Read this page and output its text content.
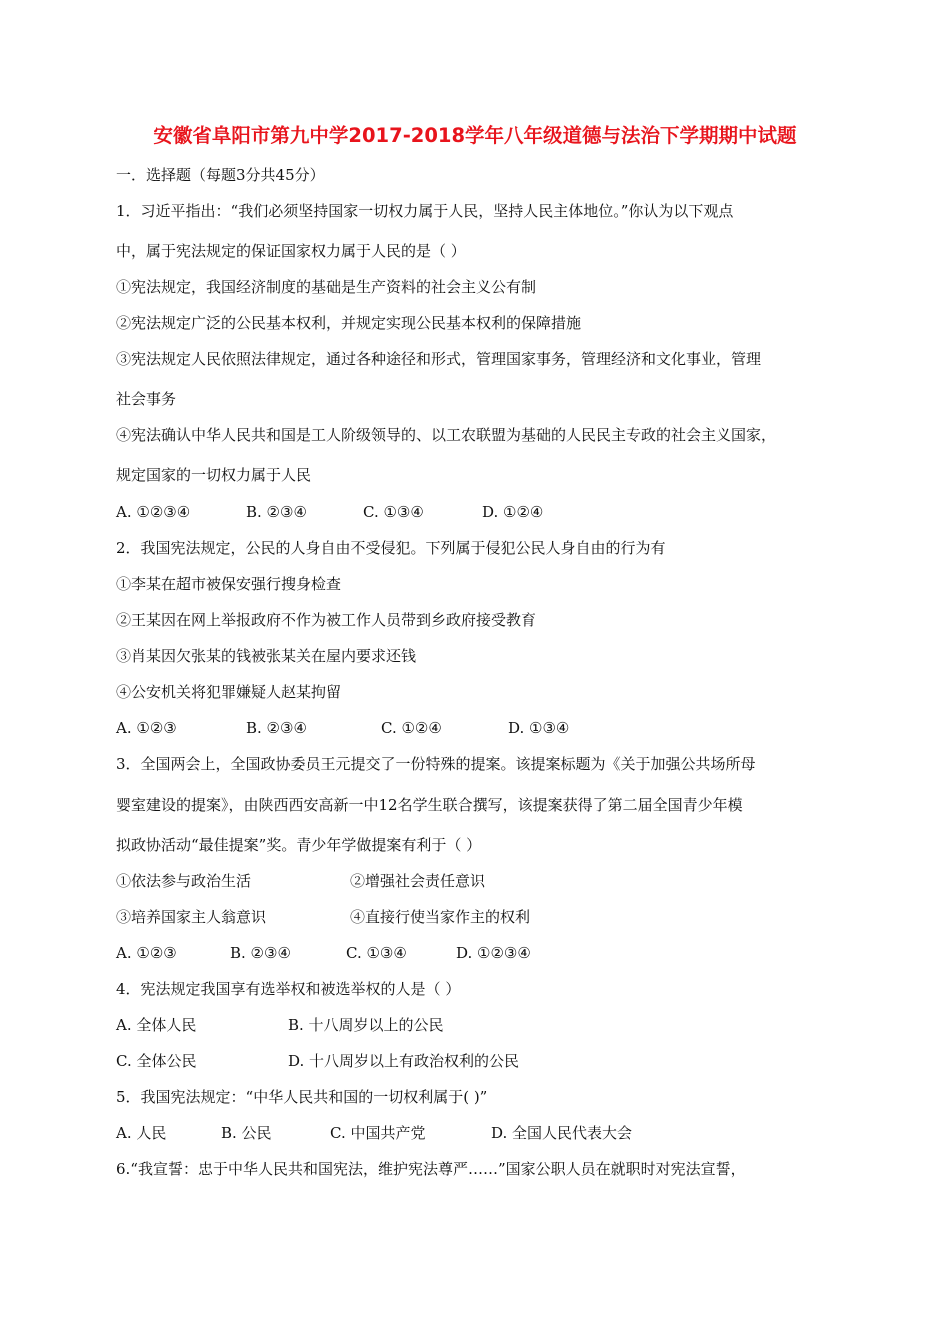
安徽省阜阳市第九中学2017-2018学年八年级道德与法治下学期期中试题
一．选择题（每题3分共45分）
1．习近平指出：“我们必须坚持国家一切权力属于人民，坚持人民主体地位。”你认为以下观点
中，属于宪法规定的保证国家权力属于人民的是（ ）
①宪法规定，我国经济制度的基础是生产资料的社会主义公有制
②宪法规定广泛的公民基本权利，并规定实现公民基本权利的保障措施
③宪法规定人民依照法律规定，通过各种途径和形式，管理国家事务，管理经济和文化事业，管理
社会事务
④宪法确认中华人民共和国是工人阶级领导的、以工农联盟为基础的人民民主专政的社会主义国家，
规定国家的一切权力属于人民
A. ①②③④	B. ②③④	C. ①③④	D. ①②④
2．我国宪法规定，公民的人身自由不受侵犯。下列属于侵犯公民人身自由的行为有
①李某在超市被保安强行搜身检查
②王某因在网上举报政府不作为被工作人员带到乡政府接受教育
③肖某因欠张某的钱被张某关在屋内要求还钱
④公安机关将犯罪嫌疑人赵某拘留
A. ①②③	B. ②③④	C. ①②④	D. ①③④
3．全国两会上，全国政协委员王元提交了一份特殊的提案。该提案标题为《关于加强公共场所母
婴室建设的提案》，由陕西西安高新一中12名学生联合撰写，该提案获得了第二届全国青少年模
拟政协活动“最佳提案”奖。青少年学做提案有利于（ ）
①依法参与政治生活	②增强社会责任意识
③培养国家主人翁意识	④直接行使当家作主的权利
A. ①②③	B. ②③④	C. ①③④	D. ①②③④
4．宪法规定我国享有选举权和被选举权的人是（ ）
A. 全体人民	B. 十八周岁以上的公民
C. 全体公民	D. 十八周岁以上有政治权利的公民
5．我国宪法规定：“中华人民共和国的一切权利属于( )”
A. 人民	B. 公民	C. 中国共产党	D. 全国人民代表大会
6.“我宣誓：忠于中华人民共和国宪法，维护宪法尊严……”国家公职人员在就职时对宪法宣誓，
